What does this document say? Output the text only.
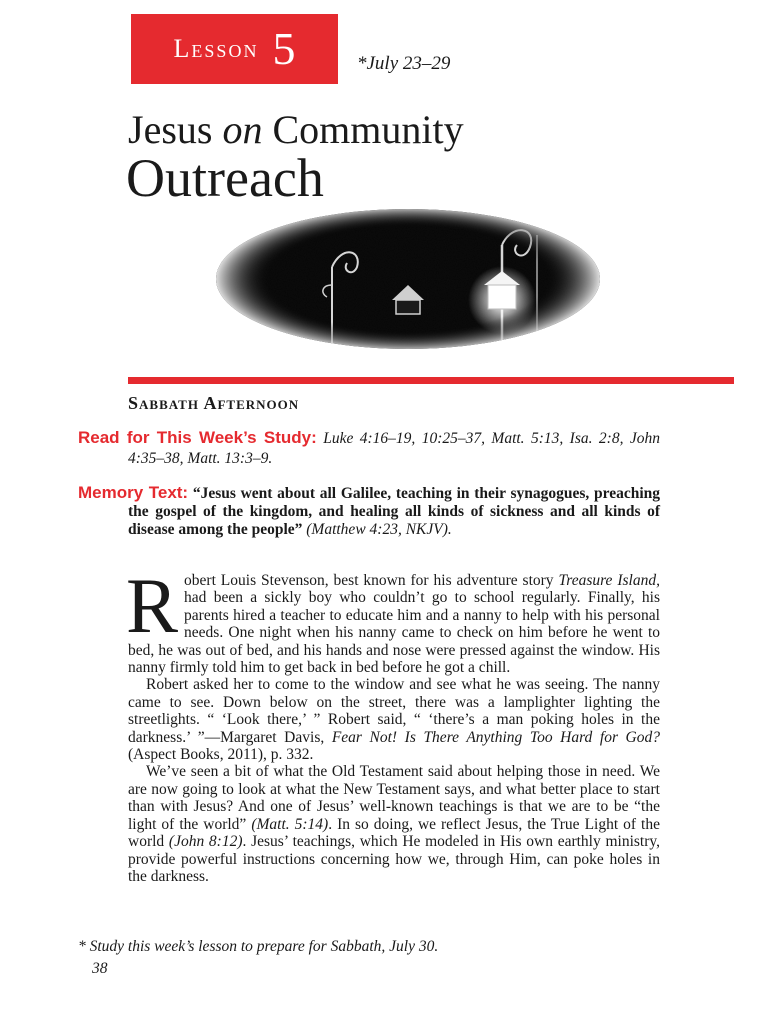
Lesson 5	*July 23–29
Jesus on Community
Outreach
Sabbath Afternoon
Read for This Week’s Study: Luke 4:16–19, 10:25–37, Matt. 5:13, Isa. 2:8, John 4:35–38, Matt. 13:3–9.
Memory Text: “Jesus went about all Galilee, teaching in their synagogues, preaching the gospel of the kingdom, and healing all kinds of sickness and all kinds of disease among the people” (Matthew 4:23, NKJV).

Robert Louis Stevenson, best known for his adventure story Treasure Island, had been a sickly boy who couldn’t go to school regularly. Finally, his parents hired a teacher to educate him and a nanny to help with his personal needs. One night when his nanny came to check on him before he went to bed, he was out of bed, and his hands and nose were pressed against the window. His nanny firmly told him to get back in bed before he got a chill.

Robert asked her to come to the window and see what he was seeing. The nanny came to see. Down below on the street, there was a lamplighter lighting the streetlights. “ ‘Look there,’ ” Robert said, “ ‘there’s a man poking holes in the darkness.’ ”—Margaret Davis, Fear Not! Is There Anything Too Hard for God? (Aspect Books, 2011), p. 332.

We’ve seen a bit of what the Old Testament said about helping those in need. We are now going to look at what the New Testament says, and what better place to start than with Jesus? And one of Jesus’ well-known teachings is that we are to be “the light of the world” (Matt. 5:14). In so doing, we reflect Jesus, the True Light of the world (John 8:12). Jesus’ teachings, which He modeled in His own earthly ministry, provide powerful instructions concerning how we, through Him, can poke holes in the darkness.

* Study this week’s lesson to prepare for Sabbath, July 30.
38
